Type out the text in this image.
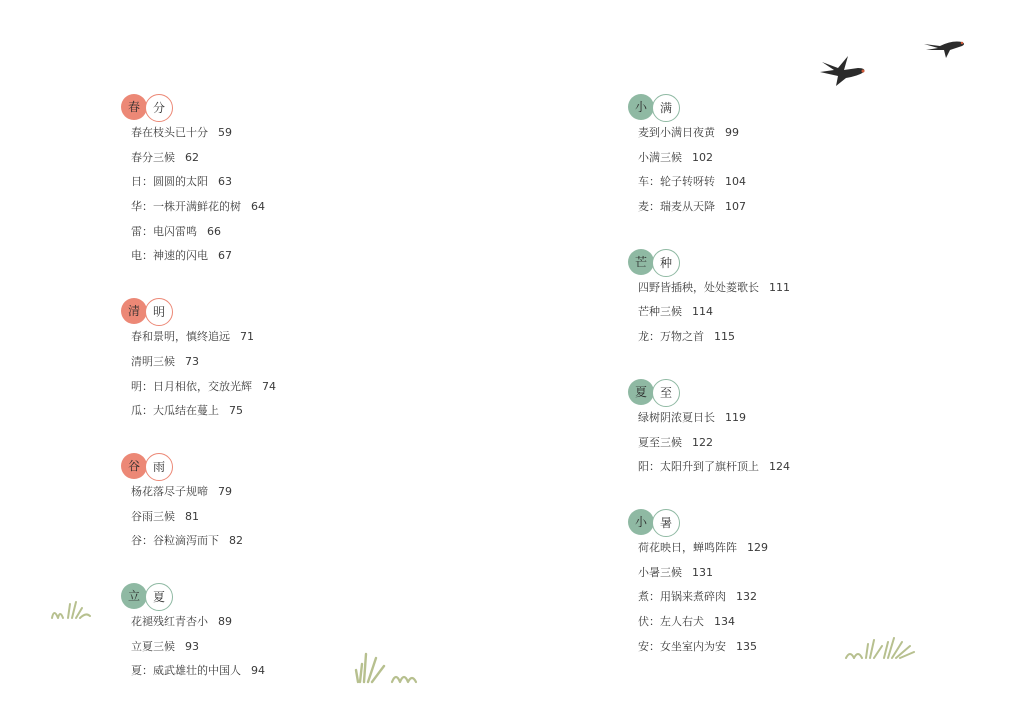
春	分
春在枝头已十分 59
春分三候 62
日：圆圆的太阳 63
华：一株开满鲜花的树 64
雷：电闪雷鸣 66
电：神速的闪电 67
清	明
春和景明，慎终追远 71
清明三候 73
明：日月相依，交放光辉 74
瓜：大瓜结在蔓上 75
谷	雨
杨花落尽子规啼 79
谷雨三候 81
谷：谷粒滴泻而下 82
立	夏
花褪残红青杏小 89
立夏三候 93
夏：威武雄壮的中国人 94
小	满
麦到小满日夜黄 99
小满三候 102
车：轮子转呀转 104
麦：瑞麦从天降 107
芒	种
四野皆插秧，处处菱歌长 111
芒种三候 114
龙：万物之首 115
夏	至
绿树阴浓夏日长 119
夏至三候 122
阳：太阳升到了旗杆顶上 124
小	暑
荷花映日，蝉鸣阵阵 129
小暑三候 131
煮：用锅来煮碎肉 132
伏：左人右犬 134
安：女坐室内为安 135
